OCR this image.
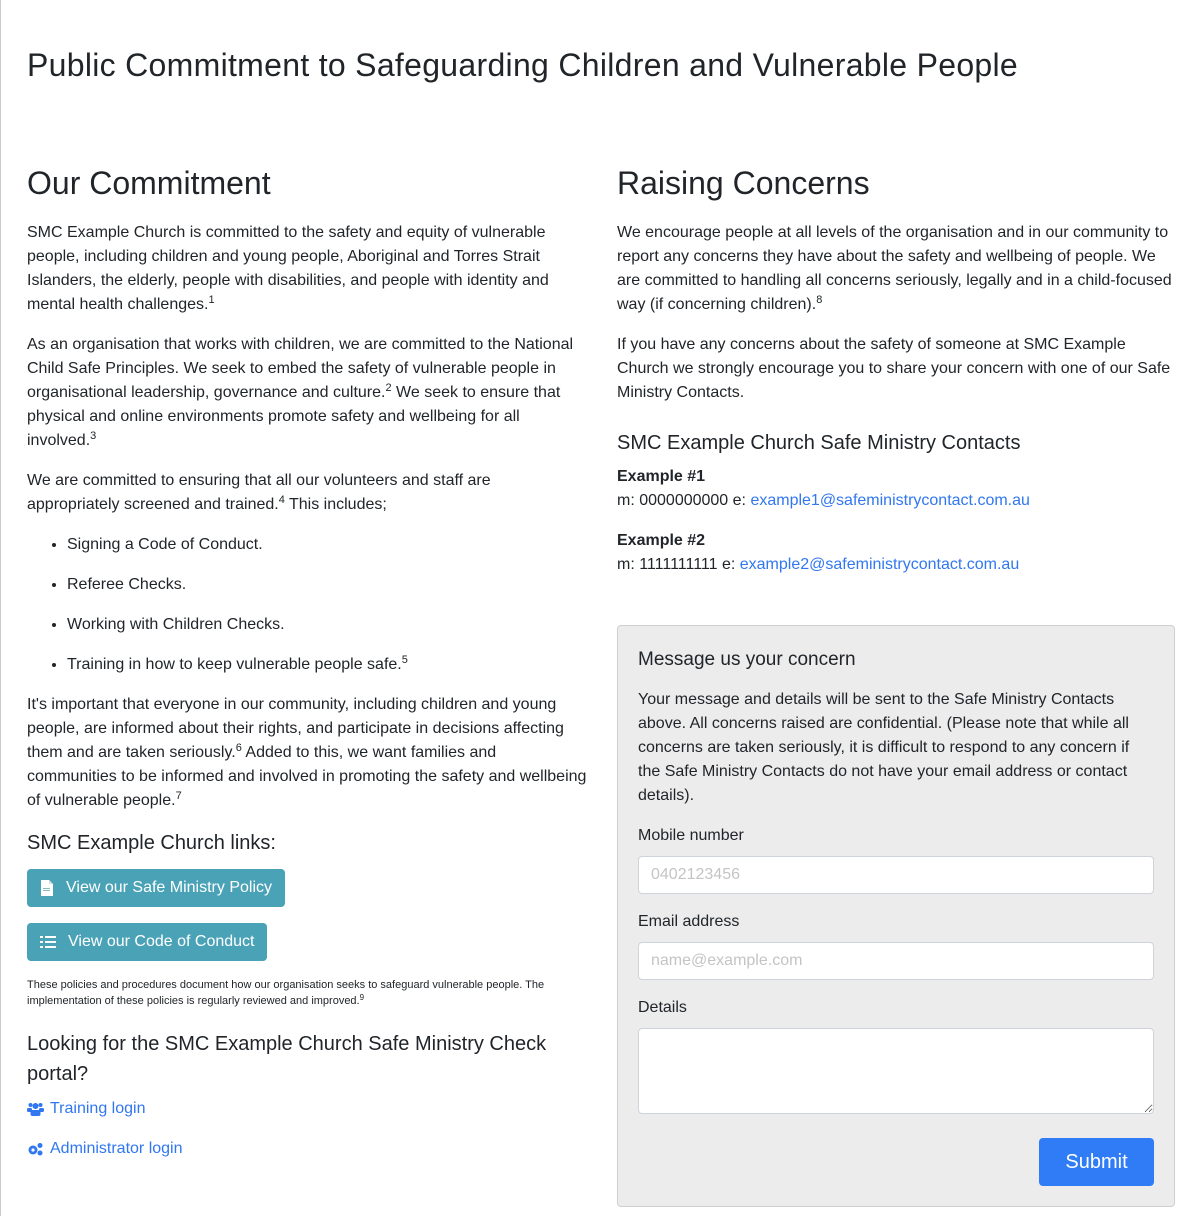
Public Commitment to Safeguarding Children and Vulnerable People
Our Commitment

SMC Example Church is committed to the safety and equity of vulnerable people, including children and young people, Aboriginal and Torres Strait Islanders, the elderly, people with disabilities, and people with identity and mental health challenges.$^1$

As an organisation that works with children, we are committed to the National Child Safe Principles. We seek to embed the safety of vulnerable people in organisational leadership, governance and culture.$^2$ We seek to ensure that physical and online environments promote safety and wellbeing for all involved.$^3$

We are committed to ensuring that all our volunteers and staff are appropriately screened and trained.$^4$ This includes;

• Signing a Code of Conduct.
• Referee Checks.
• Working with Children Checks.
• Training in how to keep vulnerable people safe.$^5$

It's important that everyone in our community, including children and young people, are informed about their rights, and participate in decisions affecting them and are taken seriously.$^6$ Added to this, we want families and communities to be informed and involved in promoting the safety and wellbeing of vulnerable people.$^7$

SMC Example Church links:
View our Safe Ministry Policy
View our Code of Conduct

These policies and procedures document how our organisation seeks to safeguard vulnerable people. The implementation of these policies is regularly reviewed and improved.$^9$

Looking for the SMC Example Church Safe Ministry Check portal?
Training login
Administrator login
Raising Concerns

We encourage people at all levels of the organisation and in our community to report any concerns they have about the safety and wellbeing of people. We are committed to handling all concerns seriously, legally and in a child-focused way (if concerning children).$^8$

If you have any concerns about the safety of someone at SMC Example Church we strongly encourage you to share your concern with one of our Safe Ministry Contacts.

SMC Example Church Safe Ministry Contacts

Example #1
m: 0000000000 e: example1@safeministrycontact.com.au

Example #2
m: 1111111111 e: example2@safeministrycontact.com.au

Message us your concern

Your message and details will be sent to the Safe Ministry Contacts above. All concerns raised are confidential. (Please note that while all concerns are taken seriously, it is difficult to respond to any concern if the Safe Ministry Contacts do not have your email address or contact details).

Mobile number
0402123456
Email address
name@example.com
Details
Submit
